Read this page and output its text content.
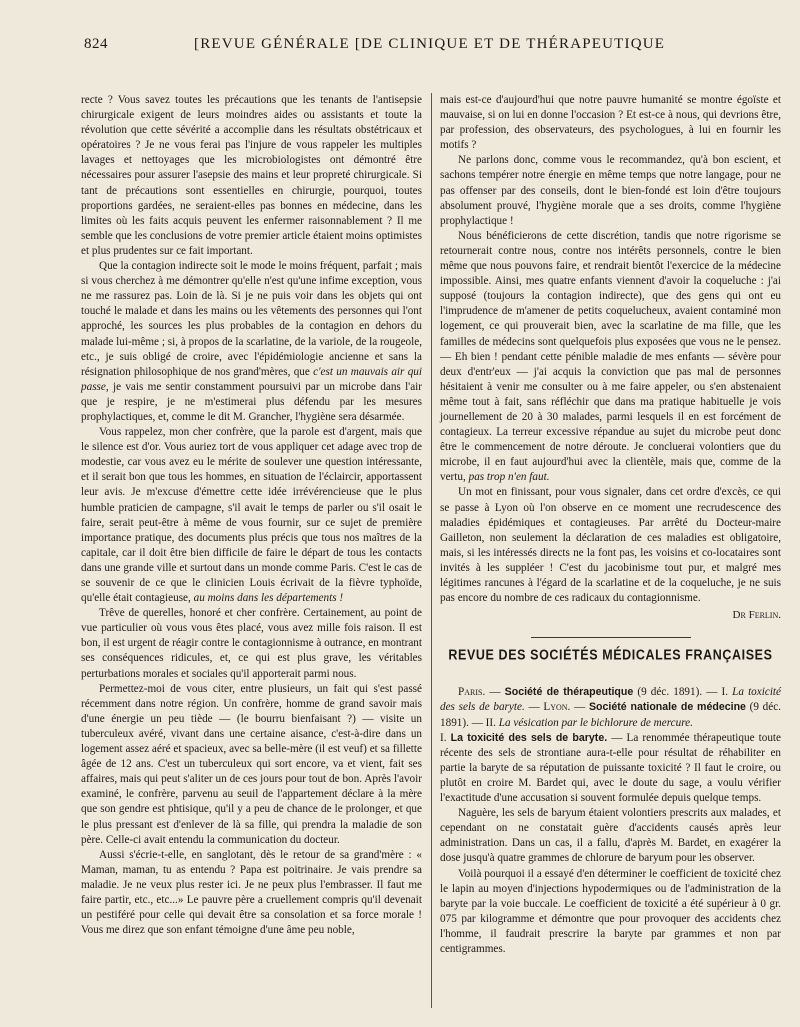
824	[REVUE GÉNÉRALE [DE CLINIQUE ET DE THÉRAPEUTIQUE

recte ? Vous savez toutes les précautions que les tenants de l'antisepsie chirurgicale exigent de leurs moindres aides ou assistants et toute la révolution que cette sévérité a accomplie dans les résultats obstétricaux et opératoires ? Je ne vous ferai pas l'injure de vous rappeler les multiples lavages et nettoyages que les microbiologistes ont démontré être nécessaires pour assurer l'asepsie des mains et leur propreté chirurgicale. Si tant de précautions sont essentielles en chirurgie, pourquoi, toutes proportions gardées, ne seraient-elles pas bonnes en médecine, dans les limites où les faits acquis peuvent les enfermer raisonnablement ? Il me semble que les conclusions de votre premier article étaient moins optimistes et plus prudentes sur ce fait important.

Que la contagion indirecte soit le mode le moins fréquent, parfait ; mais si vous cherchez à me démontrer qu'elle n'est qu'une infime exception, vous ne me rassurez pas. Loin de là. Si je ne puis voir dans les objets qui ont touché le malade et dans les mains ou les vêtements des personnes qui l'ont approché, les sources les plus probables de la contagion en dehors du malade lui-même ; si, à propos de la scarlatine, de la variole, de la rougeole, etc., je suis obligé de croire, avec l'épidémiologie ancienne et sans la résignation philosophique de nos grand'mères, que c'est un mauvais air qui passe, je vais me sentir constamment poursuivi par un microbe dans l'air que je respire, je ne m'estimerai plus défendu par les mesures prophylactiques, et, comme le dit M. Grancher, l'hygiène sera désarmée.

Vous rappelez, mon cher confrère, que la parole est d'argent, mais que le silence est d'or. Vous auriez tort de vous appliquer cet adage avec trop de modestie, car vous avez eu le mérite de soulever une question intéressante, et il serait bon que tous les hommes, en situation de l'éclaircir, apportassent leur avis. Je m'excuse d'émettre cette idée irrévérencieuse que le plus humble praticien de campagne, s'il avait le temps de parler ou s'il osait le faire, serait peut-être à même de vous fournir, sur ce sujet de première importance pratique, des documents plus précis que tous nos maîtres de la capitale, car il doit être bien difficile de faire le départ de tous les contacts dans une grande ville et surtout dans un monde comme Paris. C'est le cas de se souvenir de ce que le clinicien Louis écrivait de la fièvre typhoïde, qu'elle était contagieuse, au moins dans les départements !

Trêve de querelles, honoré et cher confrère. Certainement, au point de vue particulier où vous vous êtes placé, vous avez mille fois raison. Il est bon, il est urgent de réagir contre le contagionnisme à outrance, en montrant ses conséquences ridicules, et, ce qui est plus grave, les véritables perturbations morales et sociales qu'il apporterait parmi nous.

Permettez-moi de vous citer, entre plusieurs, un fait qui s'est passé récemment dans notre région. Un confrère, homme de grand savoir mais d'une énergie un peu tiède — (le bourru bienfaisant ?) — visite un tuberculeux avéré, vivant dans une certaine aisance, c'est-à-dire dans un logement assez aéré et spacieux, avec sa belle-mère (il est veuf) et sa fillette âgée de 12 ans. C'est un tuberculeux qui sort encore, va et vient, fait ses affaires, mais qui peut s'aliter un de ces jours pour tout de bon. Après l'avoir examiné, le confrère, parvenu au seuil de l'appartement déclare à la mère que son gendre est phtisique, qu'il y a peu de chance de le prolonger, et que le plus pressant est d'enlever de là sa fille, qui prendra la maladie de son père. Celle-ci avait entendu la communication du docteur.

Aussi s'écrie-t-elle, en sanglotant, dès le retour de sa grand'mère : « Maman, maman, tu as entendu ? Papa est poitrinaire. Je vais prendre sa maladie. Je ne veux plus rester ici. Je ne peux plus l'embrasser. Il faut me faire partir, etc., etc...» Le pauvre père a cruellement compris qu'il devenait un pestiféré pour celle qui devait être sa consolation et sa force morale ! Vous me direz que son enfant témoigne d'une âme peu noble,

mais est-ce d'aujourd'hui que notre pauvre humanité se montre égoïste et mauvaise, si on lui en donne l'occasion ? Et est-ce à nous, qui devrions être, par profession, des observateurs, des psychologues, à lui en fournir les motifs ?

Ne parlons donc, comme vous le recommandez, qu'à bon escient, et sachons tempérer notre énergie en même temps que notre langage, pour ne pas offenser par des conseils, dont le bien-fondé est loin d'être toujours absolument prouvé, l'hygiène morale que a ses droits, comme l'hygiène prophylactique !

Nous bénéficierons de cette discrétion, tandis que notre rigorisme se retournerait contre nous, contre nos intérêts personnels, contre le bien même que nous pouvons faire, et rendrait bientôt l'exercice de la médecine impossible. Ainsi, mes quatre enfants viennent d'avoir la coqueluche : j'ai supposé (toujours la contagion indirecte), que des gens qui ont eu l'imprudence de m'amener de petits coquelucheux, avaient contaminé mon logement, ce qui prouverait bien, avec la scarlatine de ma fille, que les familles de médecins sont quelquefois plus exposées que vous ne le pensez. — Eh bien ! pendant cette pénible maladie de mes enfants — sévère pour deux d'entr'eux — j'ai acquis la conviction que pas mal de personnes hésitaient à venir me consulter ou à me faire appeler, ou s'en abstenaient même tout à fait, sans réfléchir que dans ma pratique habituelle je vois journellement de 20 à 30 malades, parmi lesquels il en est forcément de contagieux. La terreur excessive répandue au sujet du microbe peut donc être le commencement de notre déroute. Je concluerai volontiers que du microbe, il en faut aujourd'hui avec la clientèle, mais que, comme de la vertu, pas trop n'en faut.

Un mot en finissant, pour vous signaler, dans cet ordre d'excès, ce qui se passe à Lyon où l'on observe en ce moment une recrudescence des maladies épidémiques et contagieuses. Par arrêté du Docteur-maire Gailleton, non seulement la déclaration de ces maladies est obligatoire, mais, si les intéressés directs ne la font pas, les voisins et co-locataires sont invités à les suppléer ! C'est du jacobinisme tout pur, et malgré mes légitimes rancunes à l'égard de la scarlatine et de la coqueluche, je ne suis pas encore du nombre de ces radicaux du contagionnisme.

Dr Ferlin.
REVUE DES SOCIÉTÉS MÉDICALES FRANÇAISES

Paris. — Société de thérapeutique (9 déc. 1891). — I. La toxicité des sels de baryte. — Lyon. — Société nationale de médecine (9 déc. 1891). — II. La vésication par le bichlorure de mercure.

I. La toxicité des sels de baryte. — La renommée thérapeutique toute récente des sels de strontiane aura-t-elle pour résultat de réhabiliter en partie la baryte de sa réputation de puissante toxicité ? Il faut le croire, ou plutôt en croire M. Bardet qui, avec le doute du sage, a voulu vérifier l'exactitude d'une accusation si souvent formulée depuis quelque temps.

Naguère, les sels de baryum étaient volontiers prescrits aux malades, et cependant on ne constatait guère d'accidents causés après leur administration. Dans un cas, il a fallu, d'après M. Bardet, en exagérer la dose jusqu'à quatre grammes de chlorure de baryum pour les observer.

Voilà pourquoi il a essayé d'en déterminer le coefficient de toxicité chez le lapin au moyen d'injections hypodermiques ou de l'administration de la baryte par la voie buccale. Le coefficient de toxicité a été supérieur à 0 gr. 075 par kilogramme et démontre que pour provoquer des accidents chez l'homme, il faudrait prescrire la baryte par grammes et non par centigrammes.
